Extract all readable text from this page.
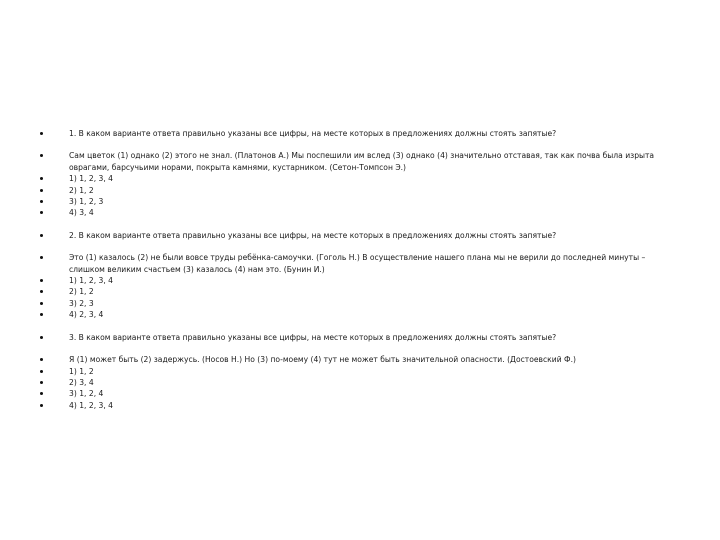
1. В каком варианте ответа правильно указаны все цифры, на месте которых в предложениях должны стоять запятые?
Сам цветок (1) однако (2) этого не знал. (Платонов А.) Мы поспешили им вслед (3) однако (4) значительно отставая, так как почва была изрыта оврагами, барсучьими норами, покрыта камнями, кустарником. (Сетон-Томпсон Э.)
1) 1, 2, 3, 4
2) 1, 2
3) 1, 2, 3
4) 3, 4
2. В каком варианте ответа правильно указаны все цифры, на месте которых в предложениях должны стоять запятые?
Это (1) казалось (2) не были вовсе труды ребёнка-самоучки. (Гоголь Н.) В осуществление нашего плана мы не верили до последней минуты – слишком великим счастьем (3) казалось (4) нам это. (Бунин И.)
1) 1, 2, 3, 4
2) 1, 2
3) 2, 3
4) 2, 3, 4
3. В каком варианте ответа правильно указаны все цифры, на месте которых в предложениях должны стоять запятые?
Я (1) может быть (2) задержусь. (Носов Н.) Но (3) по-моему (4) тут не может быть значительной опасности. (Достоевский Ф.)
1) 1, 2
2) 3, 4
3) 1, 2, 4
4) 1, 2, 3, 4
